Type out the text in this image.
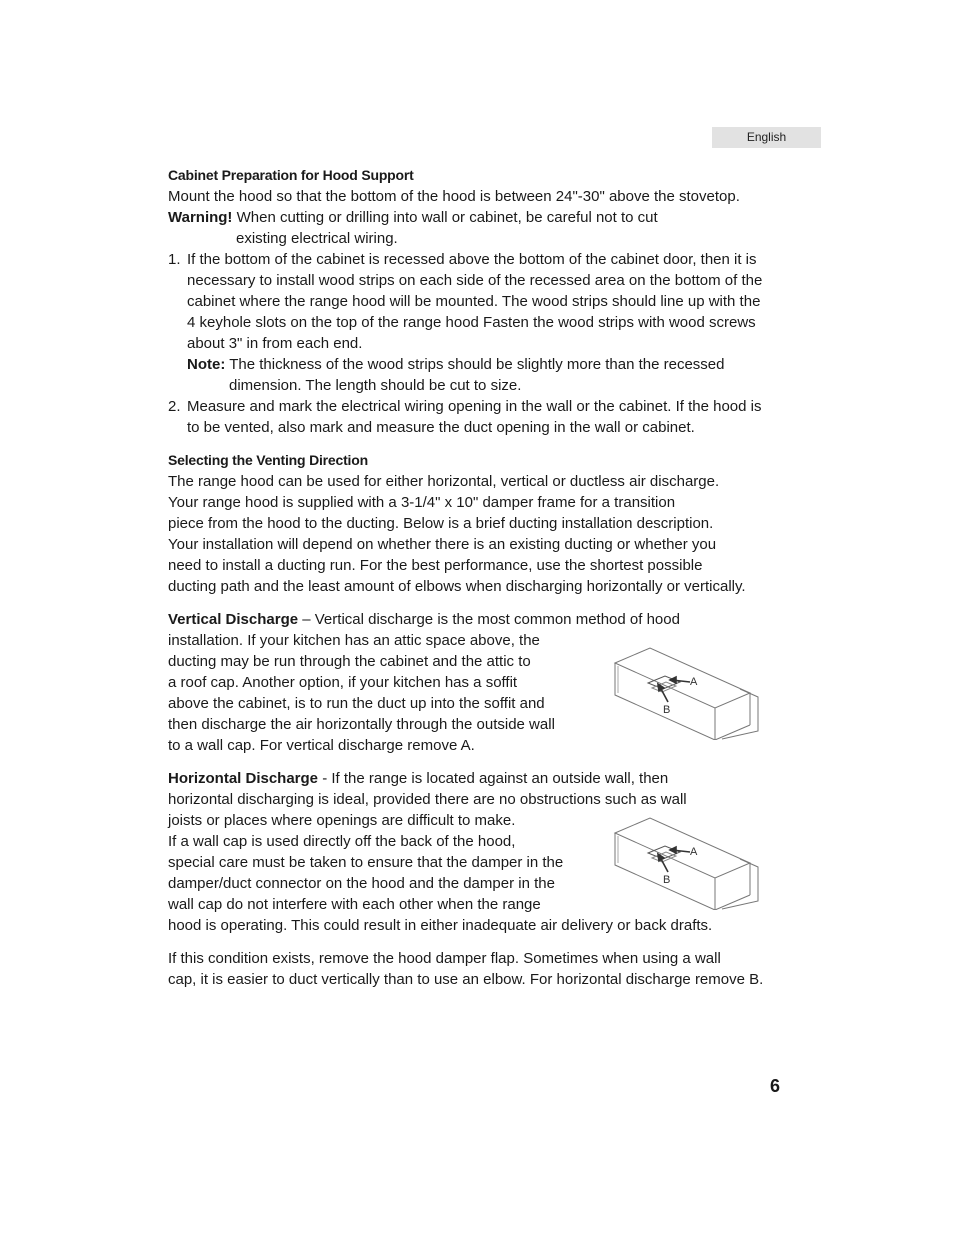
English
Cabinet Preparation for Hood Support
Mount the hood so that the bottom of the hood is between 24"-30" above the stovetop.
Warning! When cutting or drilling into wall or cabinet, be careful not to cut
existing electrical wiring.
1. If the bottom of the cabinet is recessed above the bottom of the cabinet door, then it is
necessary to install wood strips on each side of the recessed area on the bottom of the
cabinet where the range hood will be mounted. The wood strips should line up with the
4 keyhole slots on the top of the range hood Fasten the wood strips with wood screws
about 3" in from each end.
Note: The thickness of the wood strips should be slightly more than the recessed
dimension. The length should be cut to size.
2. Measure and mark the electrical wiring opening in the wall or the cabinet. If the hood is
to be vented, also mark and measure the duct opening in the wall or cabinet.
Selecting the Venting Direction
The range hood can be used for either horizontal, vertical or ductless air discharge.
Your range hood is supplied with a 3-1/4" x 10" damper frame for a transition
piece from the hood to the ducting. Below is a brief ducting installation description.
Your installation will depend on whether there is an existing ducting or whether you
need to install a ducting run. For the best performance, use the shortest possible
ducting path and the least amount of elbows when discharging horizontally or vertically.
Vertical Discharge – Vertical discharge is the most common method of hood
installation. If your kitchen has an attic space above, the
ducting may be run through the cabinet and the attic to
a roof cap. Another option, if your kitchen has a soffit
above the cabinet, is to run the duct up into the soffit and
then discharge the air horizontally through the outside wall
to a wall cap. For vertical discharge remove A.
Horizontal Discharge - If the range is located against an outside wall, then
horizontal discharging is ideal, provided there are no obstructions such as wall
joists or places where openings are difficult to make.
If a wall cap is used directly off the back of the hood,
special care must be taken to ensure that the damper in the
damper/duct connector on the hood and the damper in the
wall cap do not interfere with each other when the range
hood is operating. This could result in either inadequate air delivery or back drafts.
If this condition exists, remove the hood damper flap. Sometimes when using a wall
cap, it is easier to duct vertically than to use an elbow. For horizontal discharge remove B.
A
B
A
B
6
